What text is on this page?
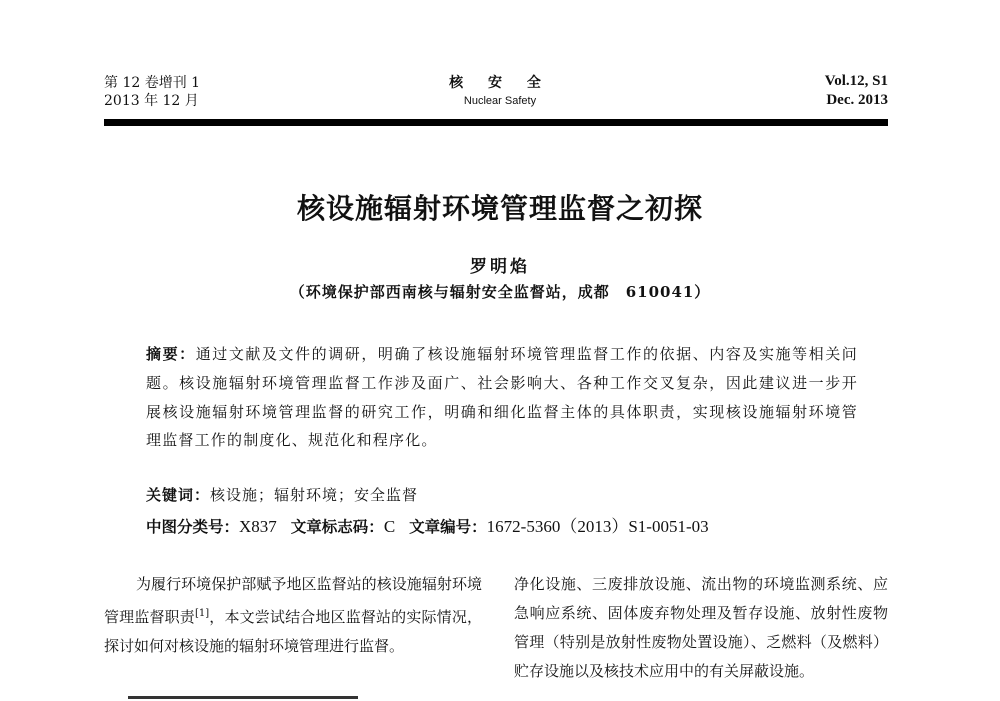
第 12 卷增刊 1
2013 年 12 月
核 安 全
Nuclear Safety
Vol.12, S1
Dec. 2013
核设施辐射环境管理监督之初探
罗明焰
（环境保护部西南核与辐射安全监督站，成都　610041）
摘要：通过文献及文件的调研，明确了核设施辐射环境管理监督工作的依据、内容及实施等相关问题。核设施辐射环境管理监督工作涉及面广、社会影响大、各种工作交叉复杂，因此建议进一步开展核设施辐射环境管理监督的研究工作，明确和细化监督主体的具体职责，实现核设施辐射环境管理监督工作的制度化、规范化和程序化。
关键词：核设施；辐射环境；安全监督
中图分类号：X837 文章标志码：C 文章编号：1672-5360（2013）S1-0051-03
为履行环境保护部赋予地区监督站的核设施辐射环境管理监督职责[1]，本文尝试结合地区监督站的实际情况，探讨如何对核设施的辐射环境管理进行监督。
净化设施、三废排放设施、流出物的环境监测系统、应急响应系统、固体废弃物处理及暂存设施、放射性废物管理（特别是放射性废物处置设施）、乏燃料（及燃料）贮存设施以及核技术应用中的有关屏蔽设施。
